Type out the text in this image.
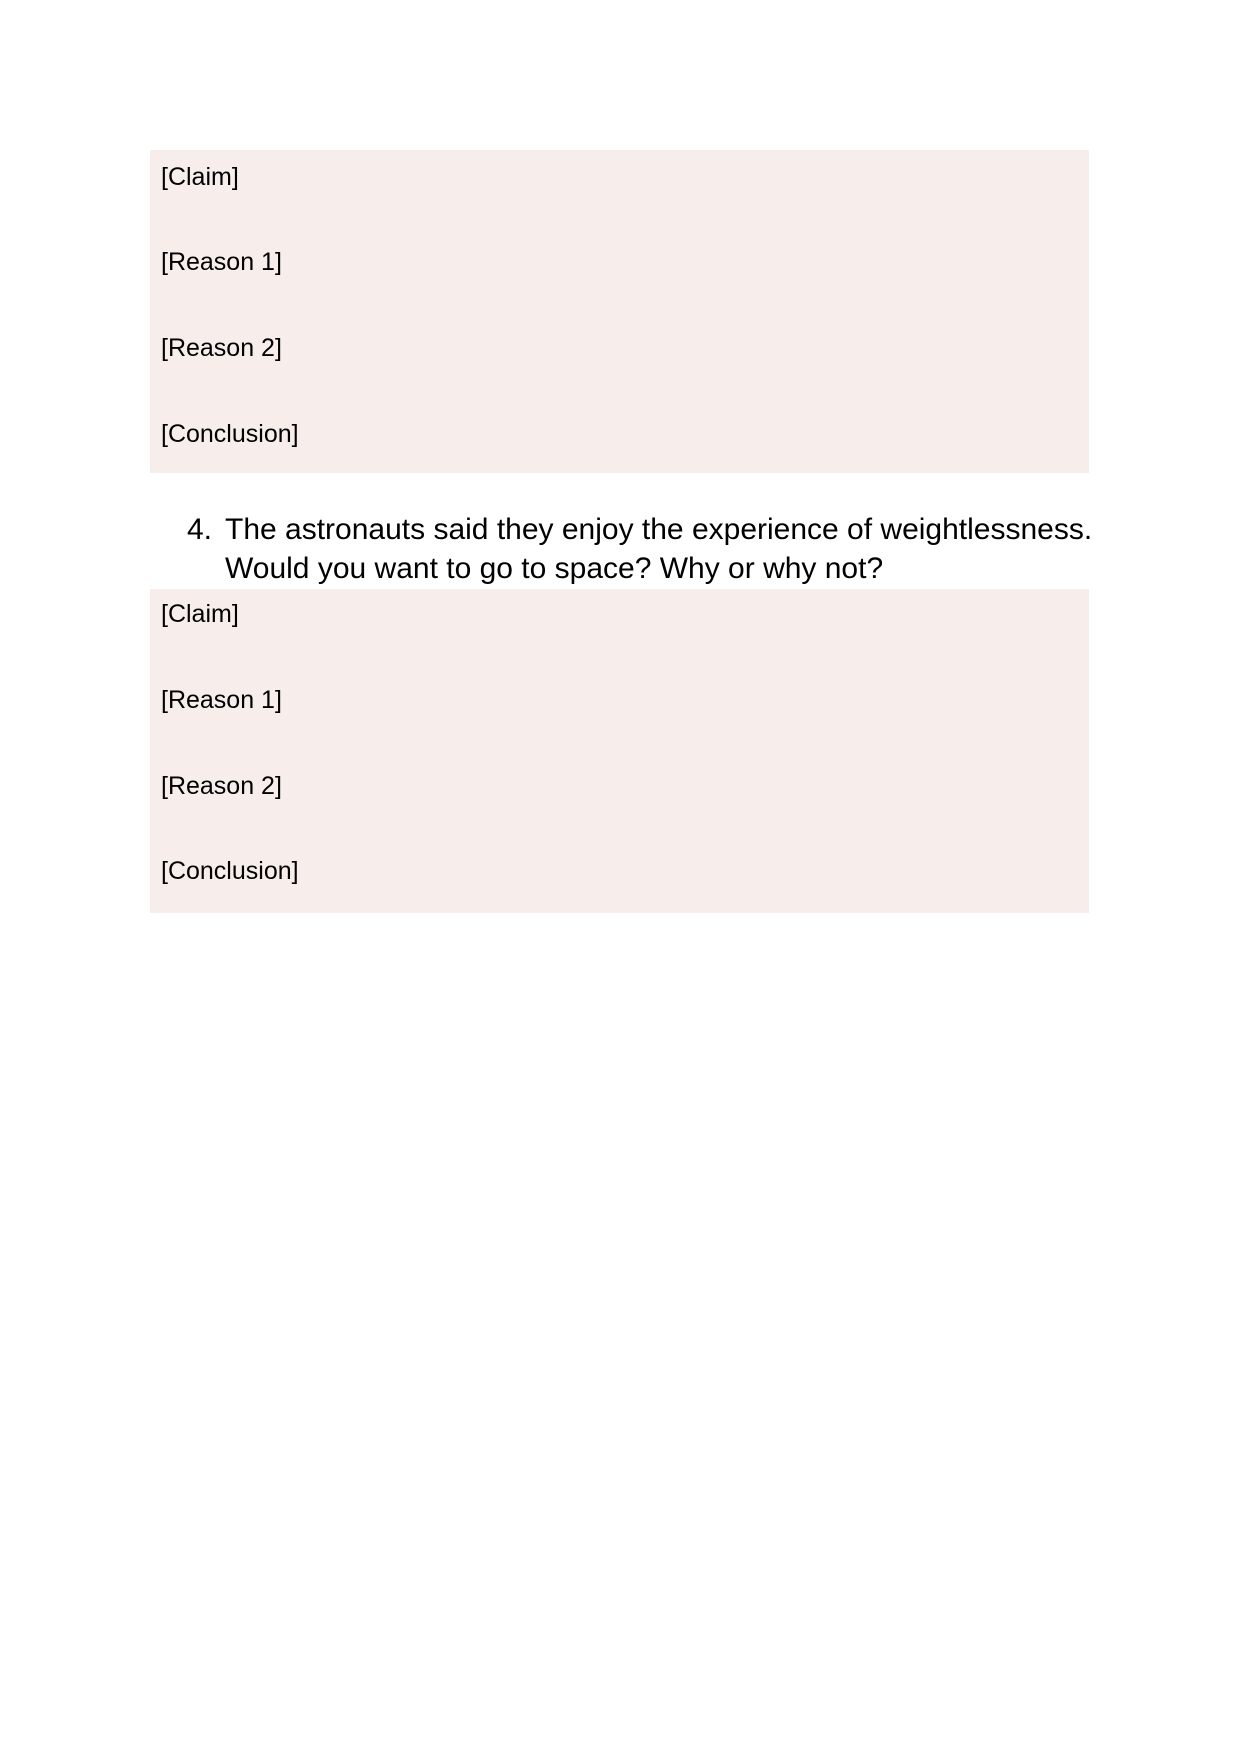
[Claim]
[Reason 1]
[Reason 2]
[Conclusion]
4. The astronauts said they enjoy the experience of weightlessness.
Would you want to go to space? Why or why not?
[Claim]
[Reason 1]
[Reason 2]
[Conclusion]
